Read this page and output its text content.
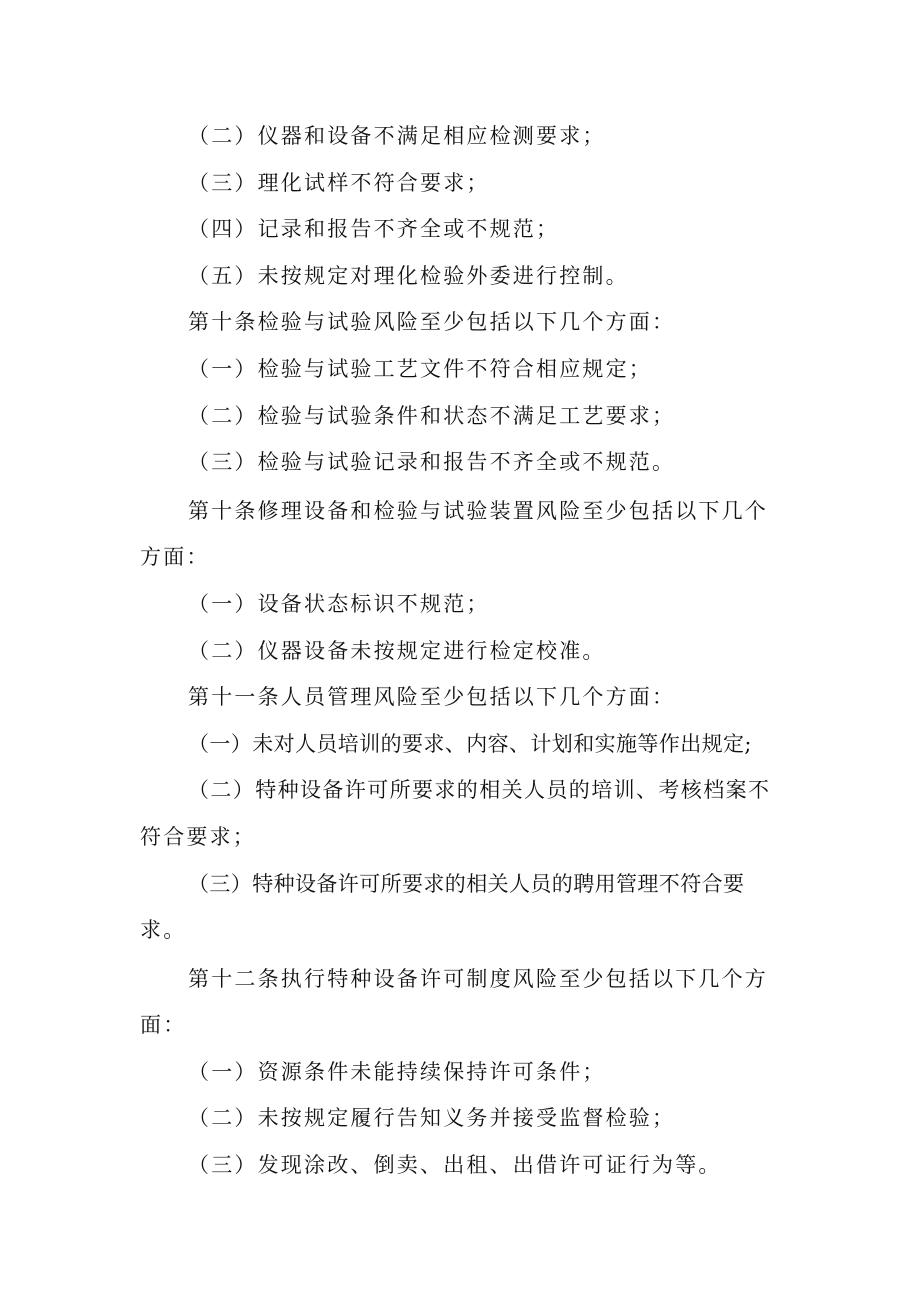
（二）仪器和设备不满足相应检测要求；
（三）理化试样不符合要求；
（四）记录和报告不齐全或不规范；
（五）未按规定对理化检验外委进行控制。
第十条检验与试验风险至少包括以下几个方面：
（一）检验与试验工艺文件不符合相应规定；
（二）检验与试验条件和状态不满足工艺要求；
（三）检验与试验记录和报告不齐全或不规范。
第十条修理设备和检验与试验装置风险至少包括以下几个
方面：
（一）设备状态标识不规范；
（二）仪器设备未按规定进行检定校准。
第十一条人员管理风险至少包括以下几个方面：
（一）未对人员培训的要求、内容、计划和实施等作出规定;
（二）特种设备许可所要求的相关人员的培训、考核档案不
符合要求；
（三）特种设备许可所要求的相关人员的聘用管理不符合要
求。
第十二条执行特种设备许可制度风险至少包括以下几个方
面：
（一）资源条件未能持续保持许可条件；
（二）未按规定履行告知义务并接受监督检验；
（三）发现涂改、倒卖、出租、出借许可证行为等。
